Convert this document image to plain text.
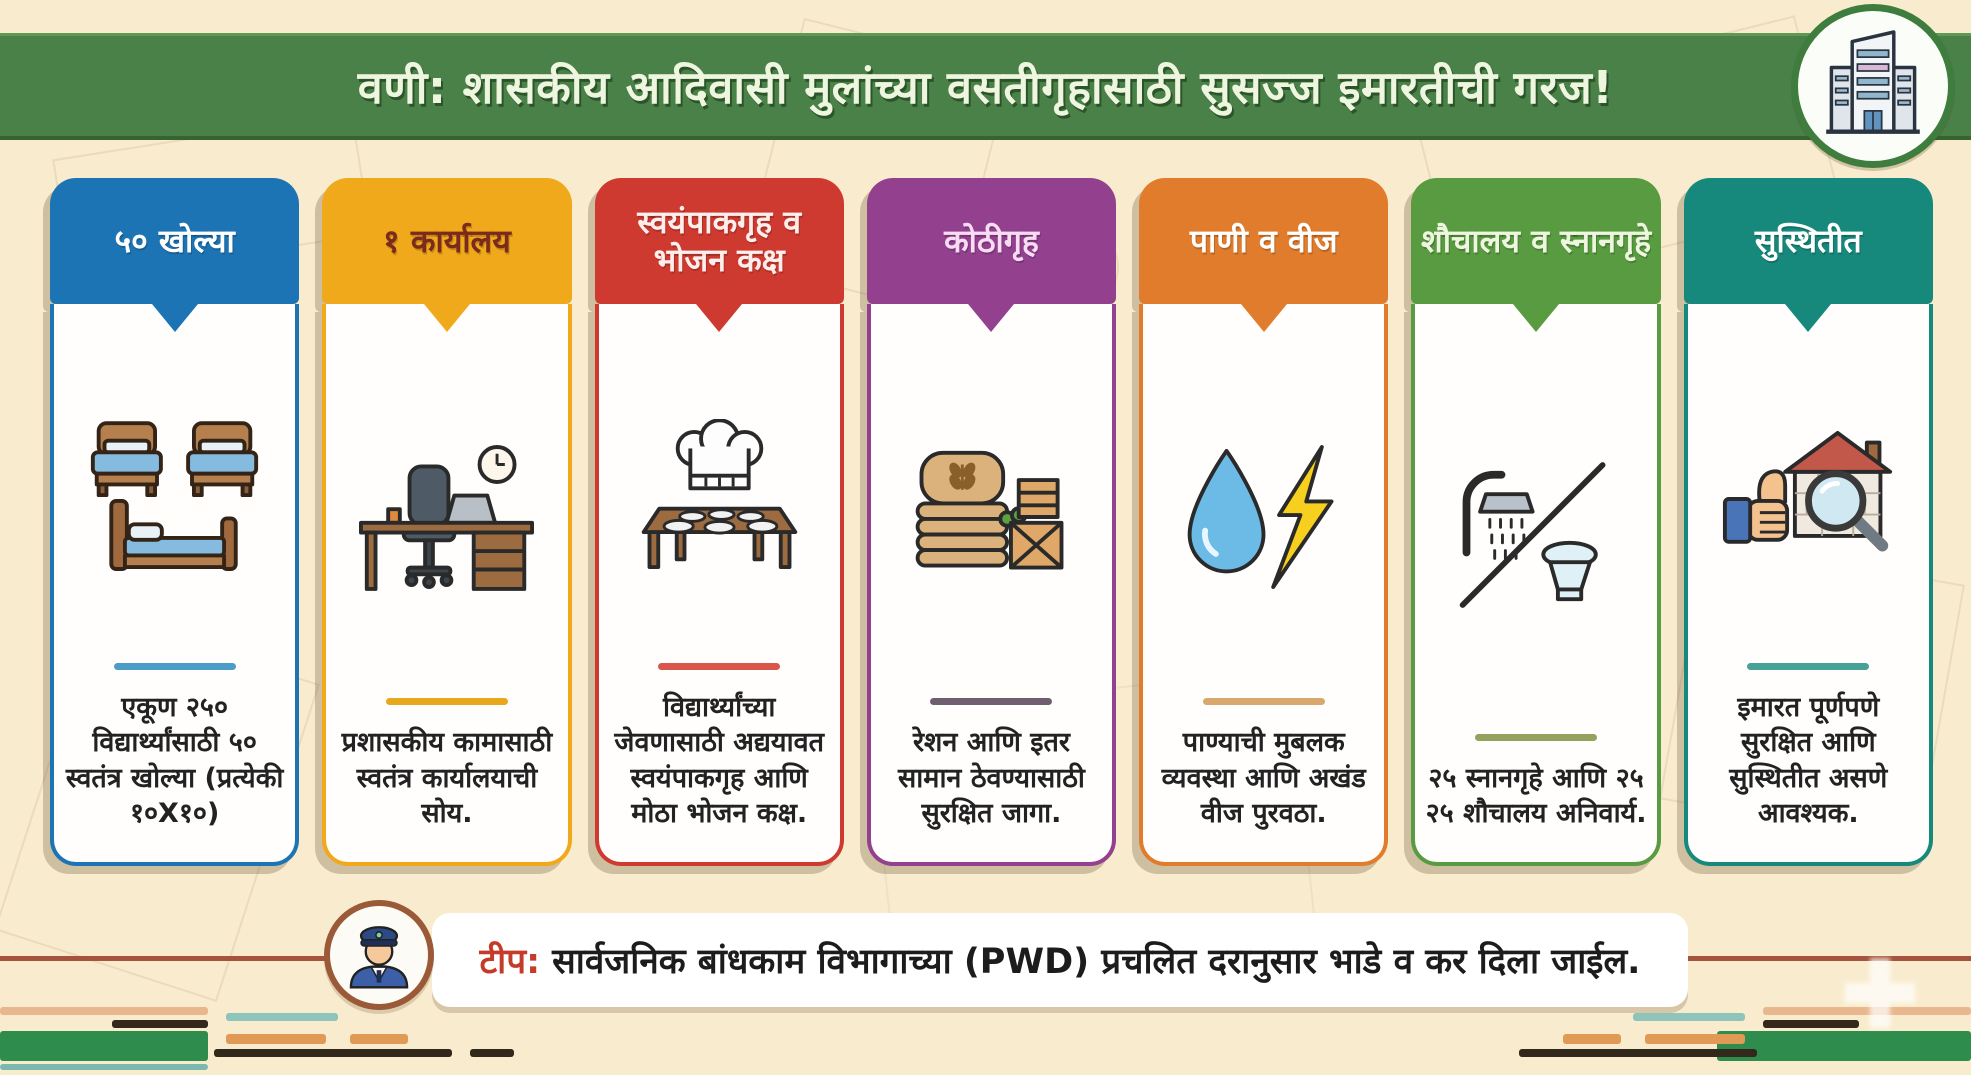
वणी: शासकीय आदिवासी मुलांच्या वसतीगृहासाठी सुसज्ज इमारतीची गरज!
५० खोल्या
एकूण २५० विद्यार्थ्यांसाठी ५० स्वतंत्र खोल्या (प्रत्येकी १०X१०)
१ कार्यालय
प्रशासकीय कामासाठी स्वतंत्र कार्यालयाची सोय.
स्वयंपाकगृह व भोजन कक्ष
विद्यार्थ्यांच्या जेवणासाठी अद्ययावत स्वयंपाकगृह आणि मोठा भोजन कक्ष.
कोठीगृह
रेशन आणि इतर सामान ठेवण्यासाठी सुरक्षित जागा.
पाणी व वीज
पाण्याची मुबलक व्यवस्था आणि अखंड वीज पुरवठा.
शौचालय व स्नानगृहे
२५ स्नानगृहे आणि २५ २५ शौचालय अनिवार्य.
सुस्थितीत
इमारत पूर्णपणे सुरक्षित आणि सुस्थितीत असणे आवश्यक.
टीप: सार्वजनिक बांधकाम विभागाच्या (PWD) प्रचलित दरानुसार भाडे व कर दिला जाईल.
